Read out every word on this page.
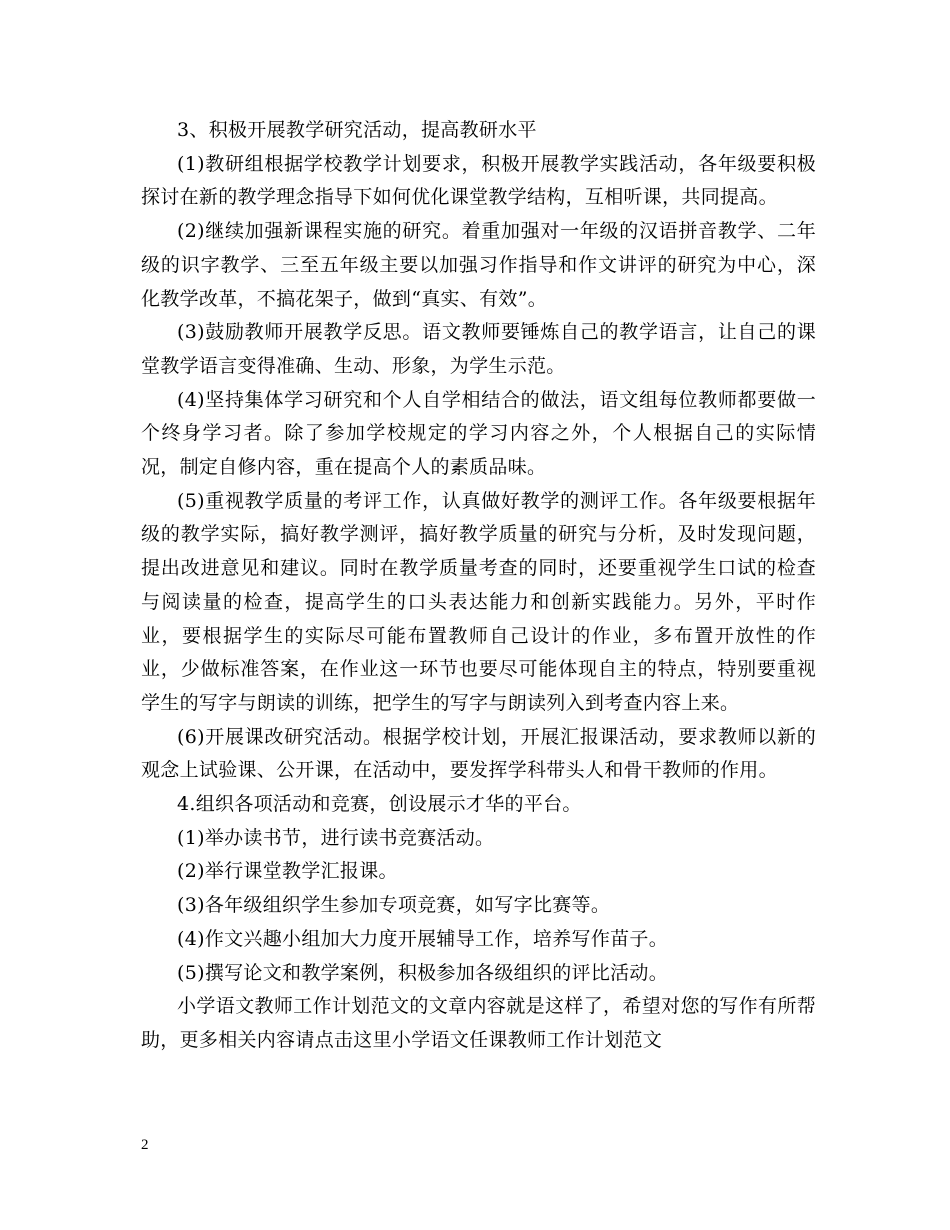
3、积极开展教学研究活动，提高教研水平

(1)教研组根据学校教学计划要求，积极开展教学实践活动，各年级要积极探讨在新的教学理念指导下如何优化课堂教学结构，互相听课，共同提高。

(2)继续加强新课程实施的研究。着重加强对一年级的汉语拼音教学、二年级的识字教学、三至五年级主要以加强习作指导和作文讲评的研究为中心，深化教学改革，不搞花架子，做到“真实、有效”。

(3)鼓励教师开展教学反思。语文教师要锤炼自己的教学语言，让自己的课堂教学语言变得准确、生动、形象，为学生示范。

(4)坚持集体学习研究和个人自学相结合的做法，语文组每位教师都要做一个终身学习者。除了参加学校规定的学习内容之外，个人根据自己的实际情况，制定自修内容，重在提高个人的素质品味。

(5)重视教学质量的考评工作，认真做好教学的测评工作。各年级要根据年级的教学实际，搞好教学测评，搞好教学质量的研究与分析，及时发现问题，提出改进意见和建议。同时在教学质量考查的同时，还要重视学生口试的检查与阅读量的检查，提高学生的口头表达能力和创新实践能力。另外，平时作业，要根据学生的实际尽可能布置教师自己设计的作业，多布置开放性的作业，少做标准答案，在作业这一环节也要尽可能体现自主的特点，特别要重视学生的写字与朗读的训练，把学生的写字与朗读列入到考查内容上来。

(6)开展课改研究活动。根据学校计划，开展汇报课活动，要求教师以新的观念上试验课、公开课，在活动中，要发挥学科带头人和骨干教师的作用。

4.组织各项活动和竞赛，创设展示才华的平台。

(1)举办读书节，进行读书竞赛活动。

(2)举行课堂教学汇报课。

(3)各年级组织学生参加专项竞赛，如写字比赛等。

(4)作文兴趣小组加大力度开展辅导工作，培养写作苗子。

(5)撰写论文和教学案例，积极参加各级组织的评比活动。

小学语文教师工作计划范文的文章内容就是这样了，希望对您的写作有所帮助，更多相关内容请点击这里小学语文任课教师工作计划范文

2
